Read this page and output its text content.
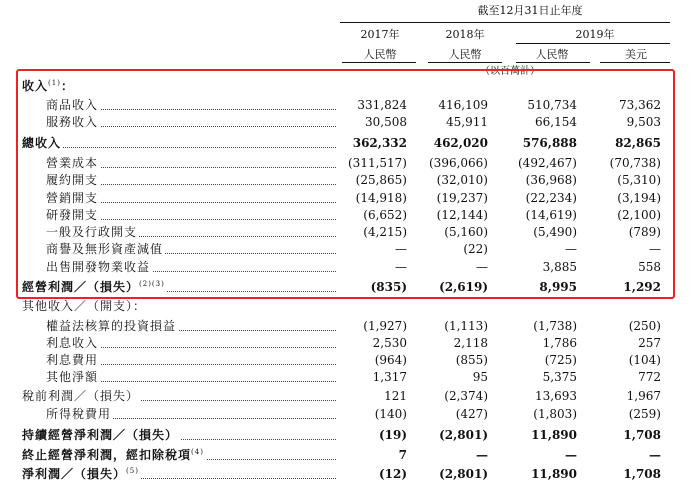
截至12月31日止年度
2017年	2018年	2019年
人民幣	人民幣	人民幣	美元
（以百萬計）
收入$^{(1)}$：
商品收入	331,824	416,109	510,734	73,362
服務收入	30,508	45,911	66,154	9,503
總收入	362,332	462,020	576,888	82,865
營業成本	(311,517)	(396,066)	(492,467)	(70,738)
履約開支	(25,865)	(32,010)	(36,968)	(5,310)
營銷開支	(14,918)	(19,237)	(22,234)	(3,194)
研發開支	(6,652)	(12,144)	(14,619)	(2,100)
一般及行政開支	(4,215)	(5,160)	(5,490)	(789)
商譽及無形資產減值	—	(22)	—	—
出售開發物業收益	—	—	3,885	558
經營利潤／（損失）$^{(2)(3)}$	(835)	(2,619)	8,995	1,292
其他收入／（開支）：
權益法核算的投資損益	(1,927)	(1,113)	(1,738)	(250)
利息收入	2,530	2,118	1,786	257
利息費用	(964)	(855)	(725)	(104)
其他淨額	1,317	95	5,375	772
稅前利潤／（損失）	121	(2,374)	13,693	1,967
所得稅費用	(140)	(427)	(1,803)	(259)
持續經營淨利潤／（損失）	(19)	(2,801)	11,890	1,708
終止經營淨利潤，經扣除稅項$^{(4)}$	7	—	—	—
淨利潤／（損失）$^{(5)}$	(12)	(2,801)	11,890	1,708
